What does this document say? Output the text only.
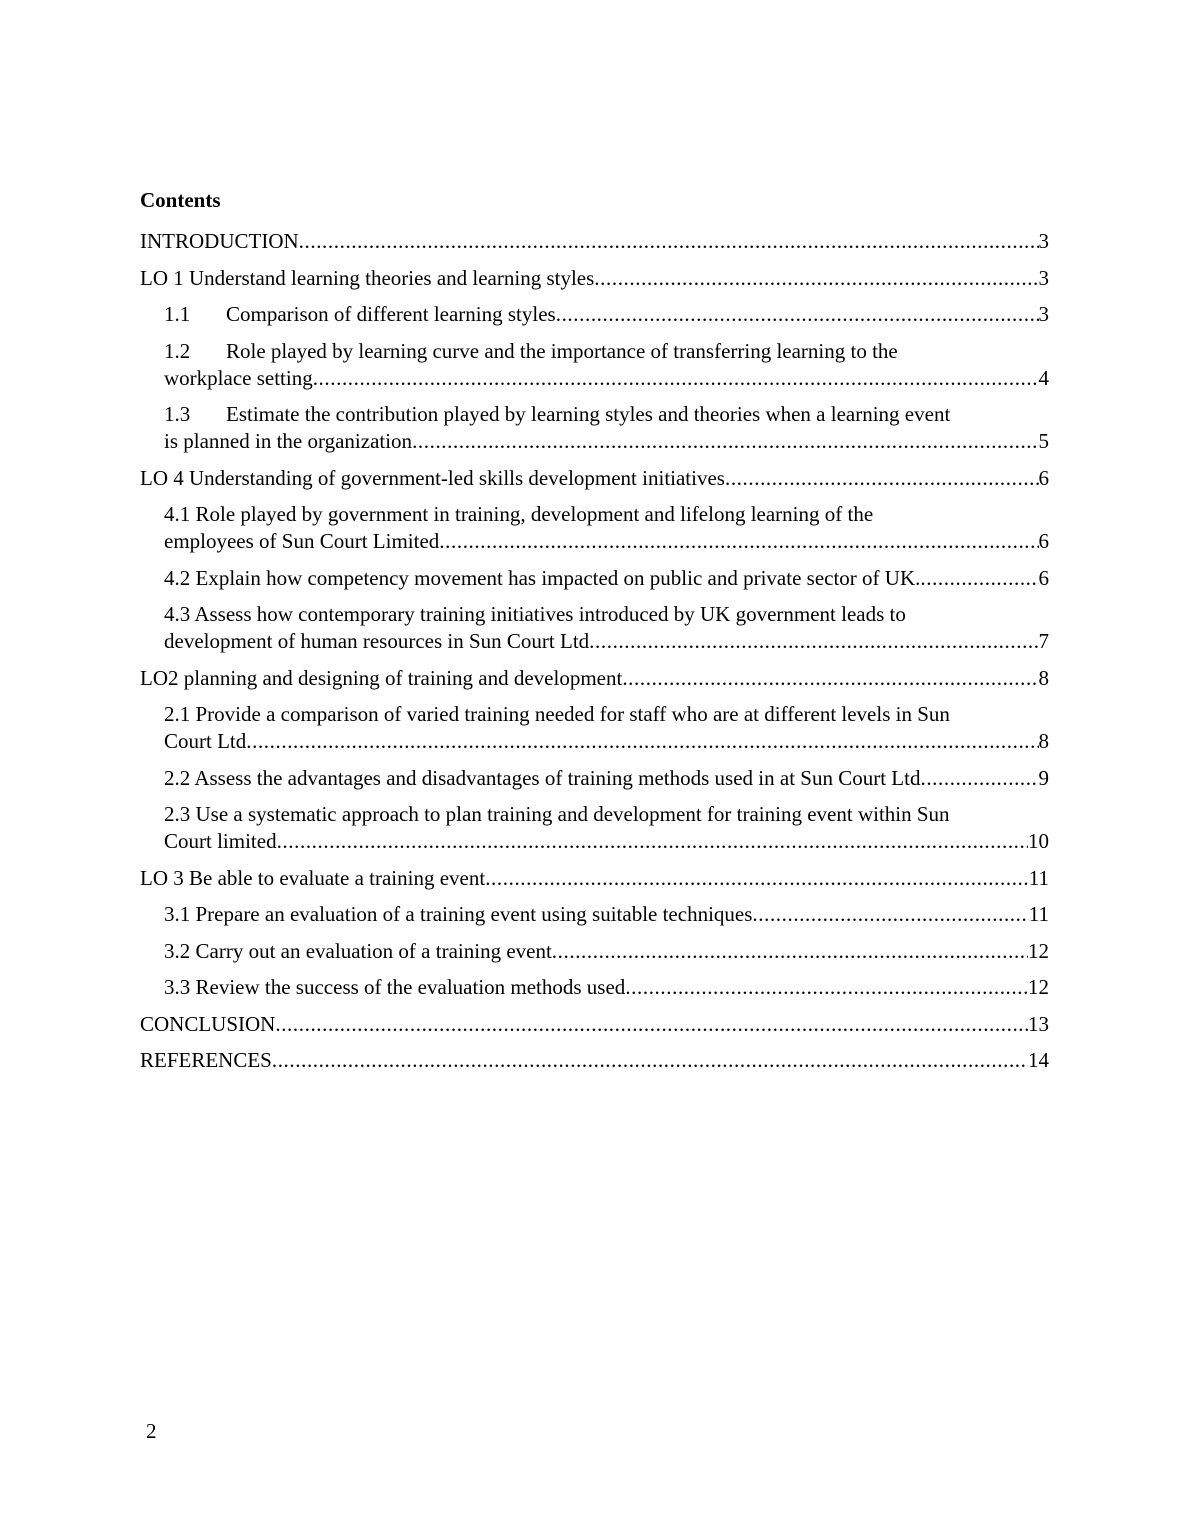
Contents
INTRODUCTION .....	3
LO 1 Understand learning theories and learning styles .....	3
1.1 Comparison of different learning styles .....	3
1.2 Role played by learning curve and the importance of transferring learning to the
workplace setting .....	4
1.3 Estimate the contribution played by learning styles and theories when a learning event
is planned in the organization .....	5
LO 4 Understanding of government-led skills development initiatives .....	6
4.1 Role played by government in training, development and lifelong learning of the
employees of Sun Court Limited .....	6
4.2 Explain how competency movement has impacted on public and private sector of UK. .....	6
4.3 Assess how contemporary training initiatives introduced by UK government leads to
development of human resources in Sun Court Ltd .....	7
LO2 planning and designing of training and development .....	8
2.1 Provide a comparison of varied training needed for staff who are at different levels in Sun
Court Ltd .....	8
2.2 Assess the advantages and disadvantages of training methods used in at Sun Court Ltd .....	9
2.3 Use a systematic approach to plan training and development for training event within Sun
Court limited .....	10
LO 3 Be able to evaluate a training event .....	11
3.1 Prepare an evaluation of a training event using suitable techniques .....	11
3.2 Carry out an evaluation of a training event .....	12
3.3 Review the success of the evaluation methods used .....	12
CONCLUSION .....	13
REFERENCES .....	14
2
